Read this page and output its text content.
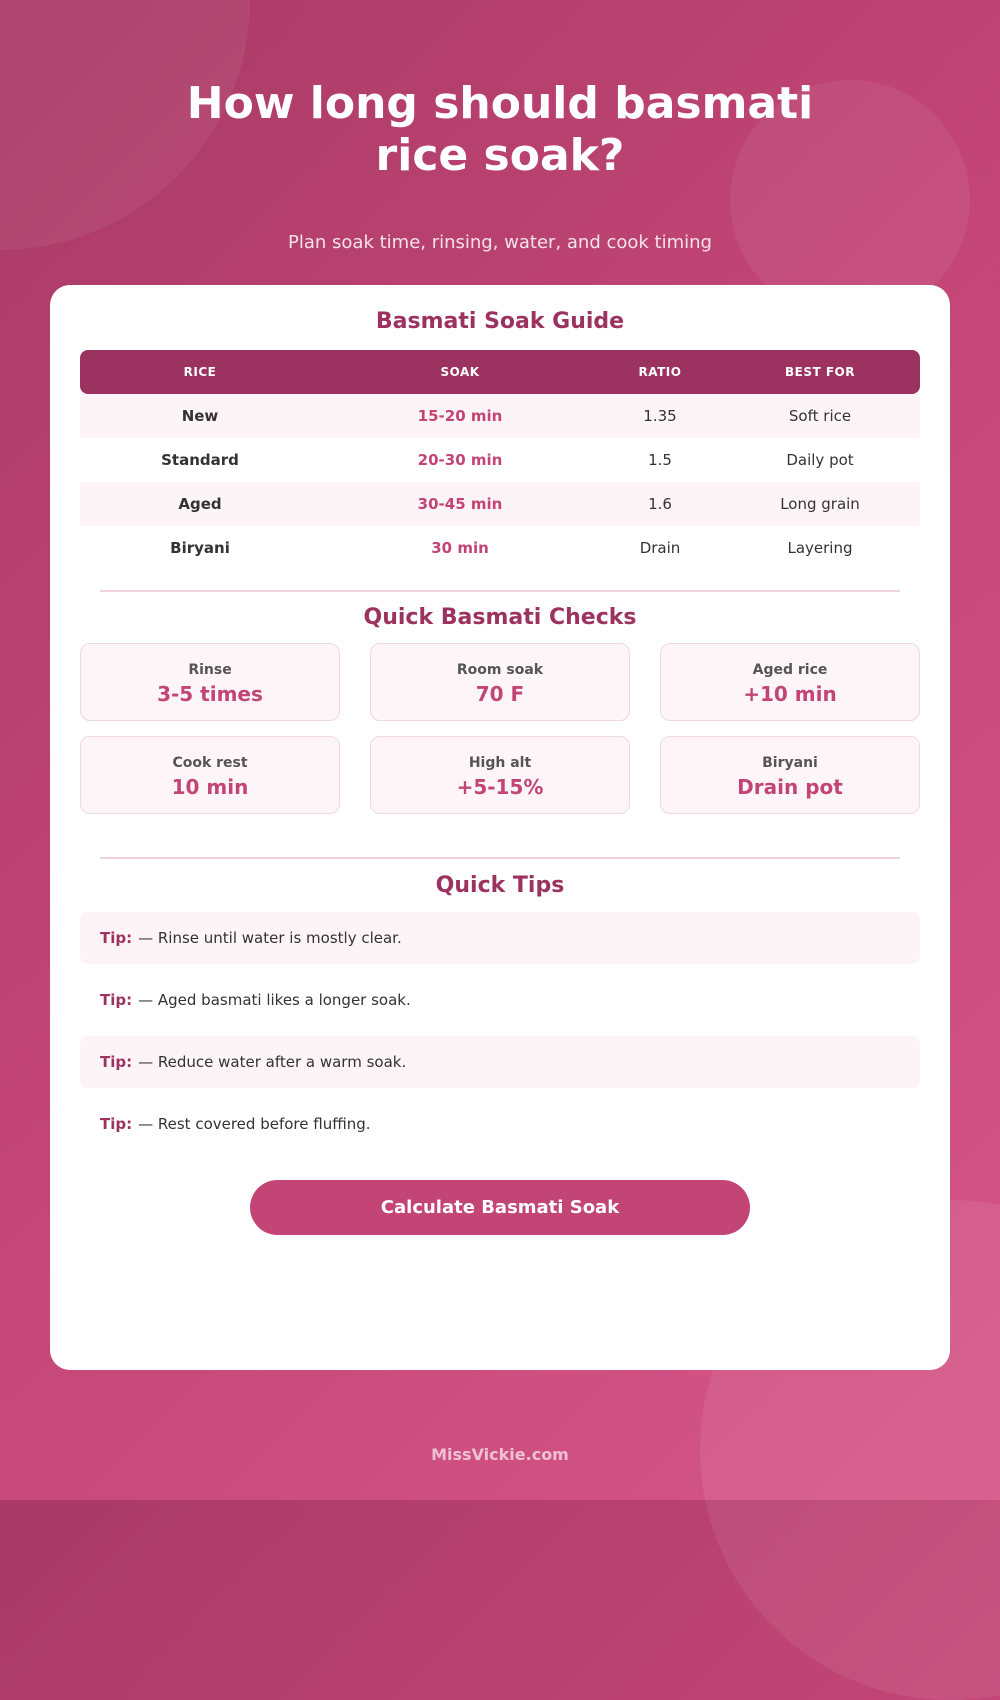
How long should basmati rice soak?
Plan soak time, rinsing, water, and cook timing
Basmati Soak Guide
RICE	SOAK	RATIO	BEST FOR
New	15-20 min	1.35	Soft rice
Standard	20-30 min	1.5	Daily pot
Aged	30-45 min	1.6	Long grain
Biryani	30 min	Drain	Layering
Quick Basmati Checks
Rinse
3-5 times
Room soak
70 F
Aged rice
+10 min
Cook rest
10 min
High alt
+5-15%
Biryani
Drain pot
Quick Tips
Tip: — Rinse until water is mostly clear.
Tip: — Aged basmati likes a longer soak.
Tip: — Reduce water after a warm soak.
Tip: — Rest covered before fluffing.
Calculate Basmati Soak
MissVickie.com
